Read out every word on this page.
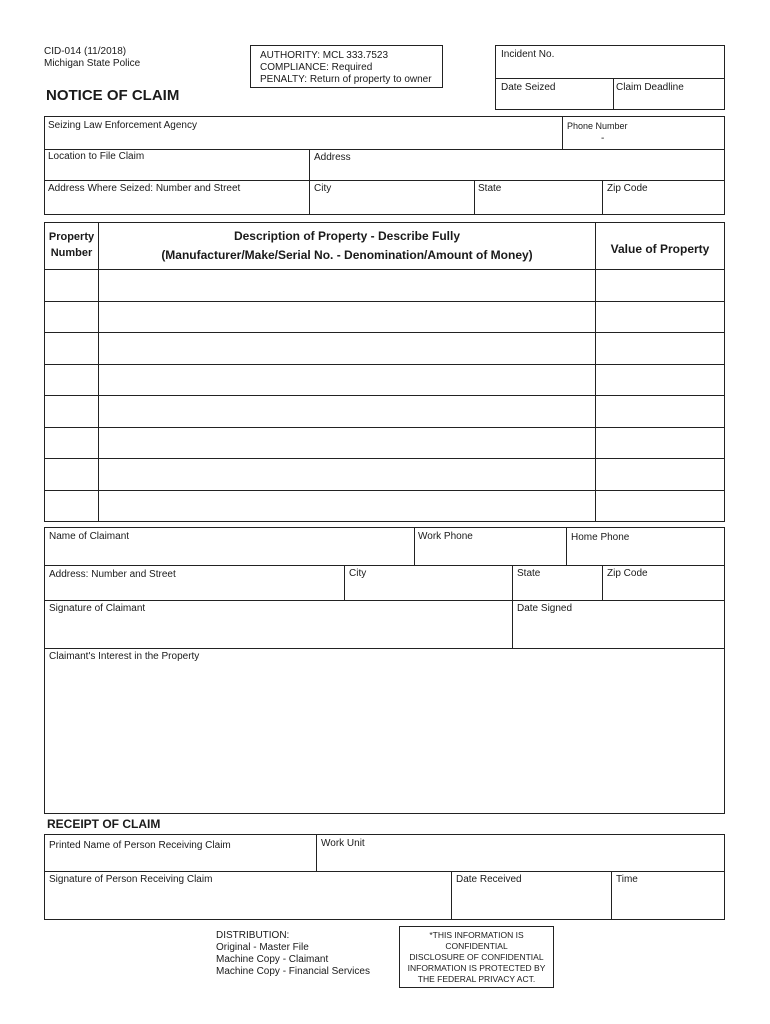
CID-014 (11/2018)
Michigan State Police
NOTICE OF CLAIM
AUTHORITY: MCL 333.7523
COMPLIANCE: Required
PENALTY: Return of property to owner
Incident No.
Date Seized	Claim Deadline
Seizing Law Enforcement Agency	Phone Number
-
Location to File Claim	Address
Address Where Seized: Number and Street	City	State	Zip Code
Property
Number
Description of Property - Describe Fully
(Manufacturer/Make/Serial No. - Denomination/Amount of Money)	Value of Property
Name of Claimant	Work Phone	Home Phone
Address: Number and Street	City	State	Zip Code
Signature of Claimant	Date Signed
Claimant's Interest in the Property
RECEIPT OF CLAIM
Printed Name of Person Receiving Claim	Work Unit
Signature of Person Receiving Claim	Date Received	Time
DISTRIBUTION:
Original - Master File
Machine Copy - Claimant
Machine Copy - Financial Services
*THIS INFORMATION IS
CONFIDENTIAL
DISCLOSURE OF CONFIDENTIAL
INFORMATION IS PROTECTED BY
THE FEDERAL PRIVACY ACT.
